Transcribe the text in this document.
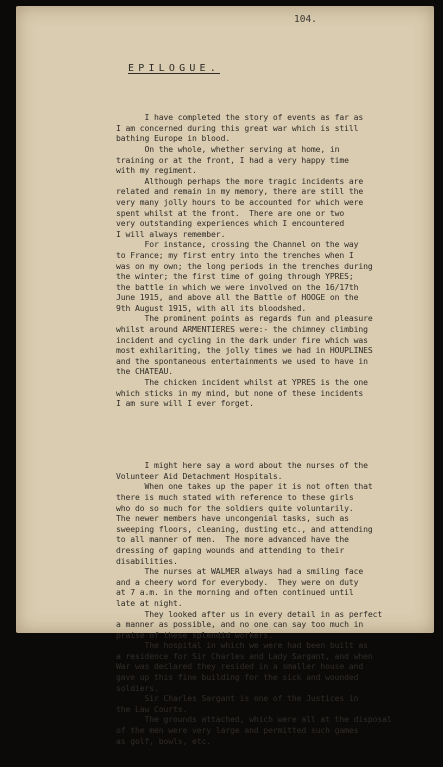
104.
EPILOGUE.

I have completed the story of events as far as
I am concerned during this great war which is still
bathing Europe in blood.
On the whole, whether serving at home, in
training or at the front, I had a very happy time
with my regiment.
Although perhaps the more tragic incidents are
related and remain in my memory, there are still the
very many jolly hours to be accounted for which were
spent whilst at the front.  There are one or two
very outstanding experiences which I encountered
I will always remember.
For instance, crossing the Channel on the way
to France; my first entry into the trenches when I
was on my own; the long periods in the trenches during
the winter; the first time of going through YPRES;
the battle in which we were involved on the 16/17th
June 1915, and above all the Battle of HOOGE on the
9th August 1915, with all its bloodshed.
The prominent points as regards fun and pleasure
whilst around ARMENTIERES were:- the chimney climbing
incident and cycling in the dark under fire which was
most exhilariting, the jolly times we had in HOUPLINES
and the spontaneous entertainments we used to have in
the CHATEAU.
The chicken incident whilst at YPRES is the one
which sticks in my mind, but none of these incidents
I am sure will I ever forget.

I might here say a word about the nurses of the
Volunteer Aid Detachment Hospitals.
When one takes up the paper it is not often that
there is much stated with reference to these girls
who do so much for the soldiers quite voluntarily.
The newer members have uncongenial tasks, such as
sweeping floors, cleaning, dusting etc., and attending
to all manner of men.  The more advanced have the
dressing of gaping wounds and attending to their
disabilities.
The nurses at WALMER always had a smiling face
and a cheery word for everybody.  They were on duty
at 7 a.m. in the morning and often continued until
late at night.
They looked after us in every detail in as perfect
a manner as possible, and no one can say too much in
praise of these splendid workers.
The hospital in which we were had been built as
a residence for Sir Charles and Lady Sargant, and when
War was declared they resided in a smaller house and
gave up this fine building for the sick and wounded
soldiers.
Sir Charles Sargant is one of the Justices in
the Law Courts.
The grounds attached, which were all at the disposal
of the men were very large and permitted such games
as golf, bowls, etc.
